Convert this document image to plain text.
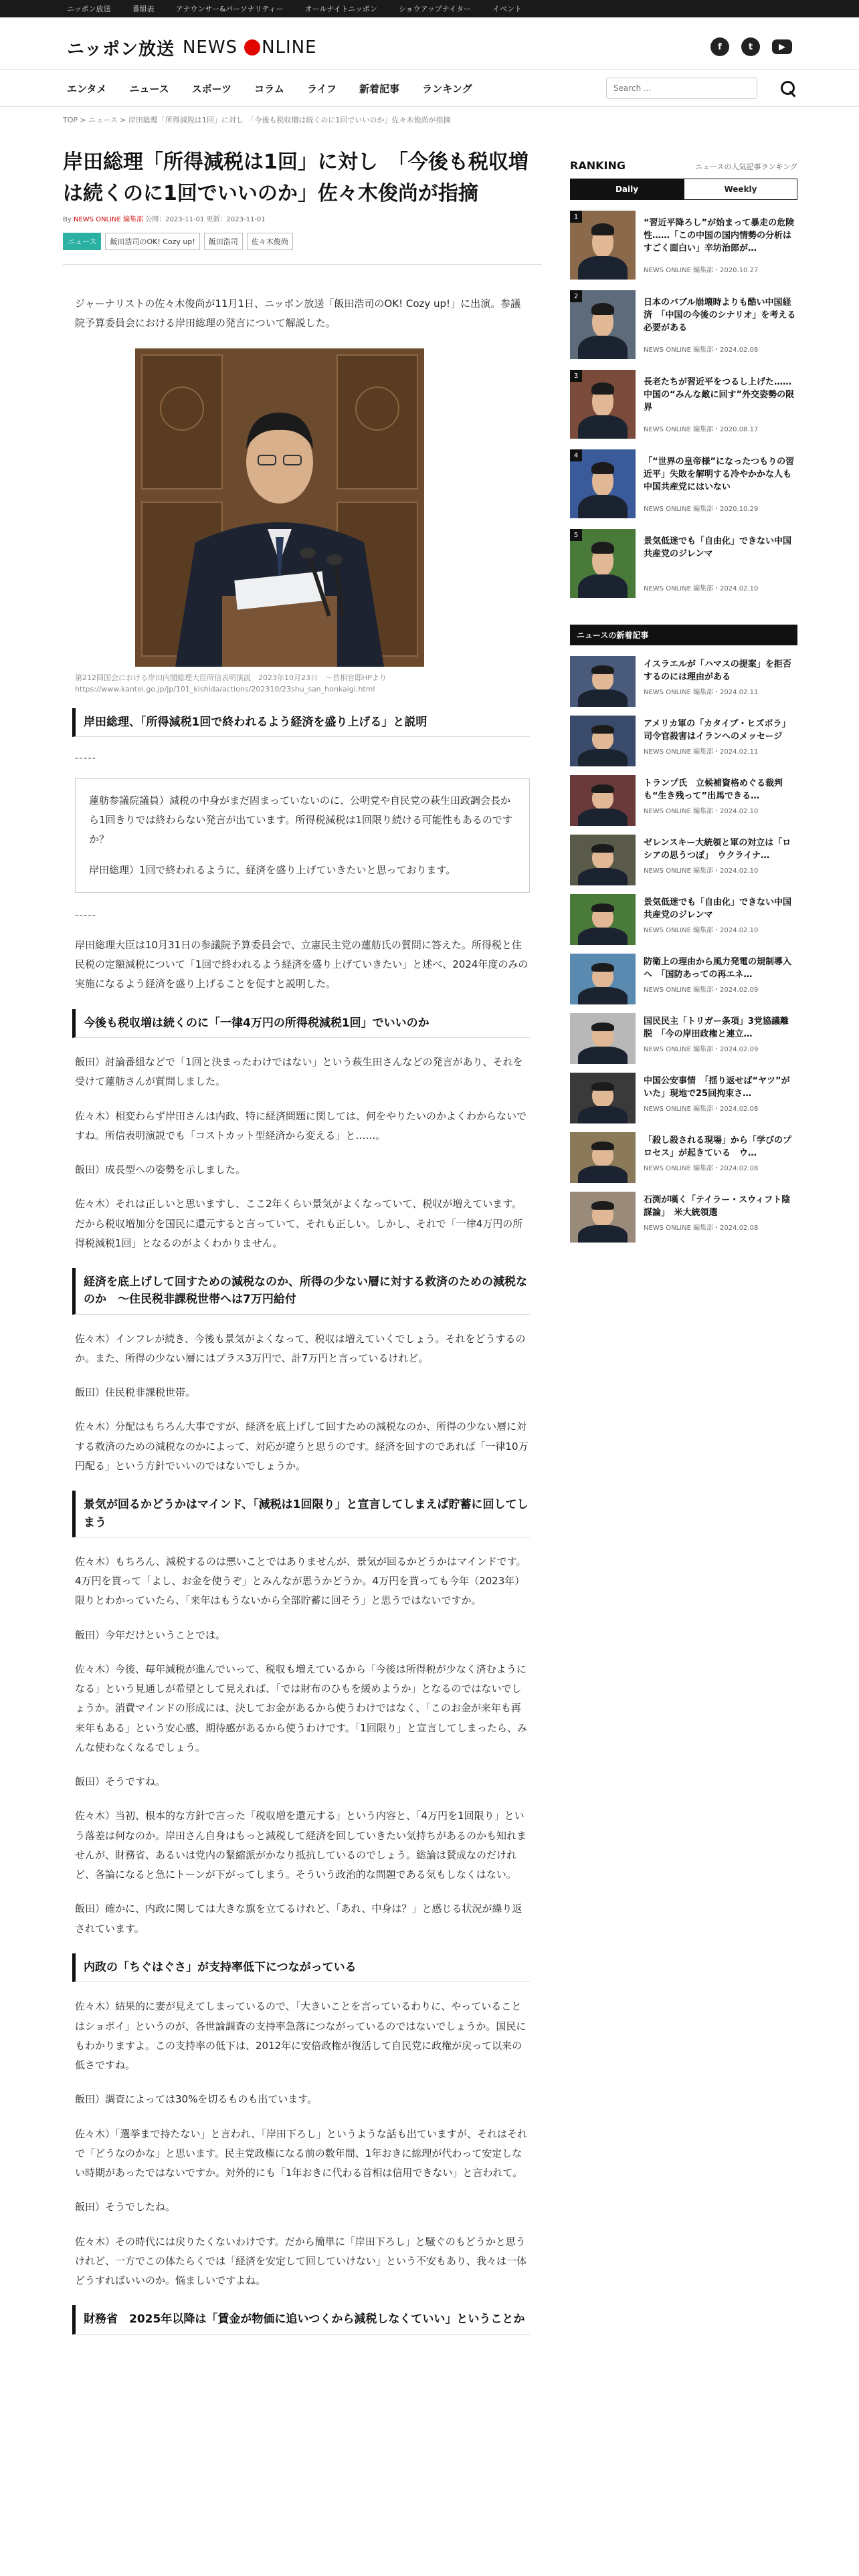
ニッポン放送	番組表	アナウンサー&パーソナリティー	オールナイトニッポン	ショウアップナイター	イベント
ニッポン放送 NEWS NLINE	f	t	▶
エンタメ ニュース スポーツ コラム ライフ 新着記事 ランキング
Search ...
TOP > ニュース > 岸田総理「所得減税は1回」に対し　「今後も税収増は続くのに1回でいいのか」佐々木俊尚が指摘
岸田総理「所得減税は1回」に対し　「今後も税収増は続くのに1回でいいのか」佐々木俊尚が指摘
By NEWS ONLINE 編集部 公開：2023-11-01 更新：2023-11-01
ニュース	飯田浩司のOK! Cozy up!	飯田浩司	佐々木俊尚

ジャーナリストの佐々木俊尚が11月1日、ニッポン放送「飯田浩司のOK! Cozy up!」に出演。参議院予算委員会における岸田総理の発言について解説した。

第212回国会における岸田内閣総理大臣所信表明演説　2023年10月23日　～首相官邸HPより
https://www.kantei.go.jp/jp/101_kishida/actions/202310/23shu_san_honkaigi.html

岸田総理、「所得減税1回で終われるよう経済を盛り上げる」と説明

-----

蓮舫参議院議員）減税の中身がまだ固まっていないのに、公明党や自民党の萩生田政調会長から1回きりでは終わらない発言が出ています。所得税減税は1回限り続ける可能性もあるのですか？

岸田総理）1回で終われるように、経済を盛り上げていきたいと思っております。

-----

岸田総理大臣は10月31日の参議院予算委員会で、立憲民主党の蓮舫氏の質問に答えた。所得税と住民税の定額減税について「1回で終われるよう経済を盛り上げていきたい」と述べ、2024年度のみの実施になるよう経済を盛り上げることを促すと説明した。

今後も税収増は続くのに「一律4万円の所得税減税1回」でいいのか

飯田）討論番組などで「1回と決まったわけではない」という萩生田さんなどの発言があり、それを受けて蓮舫さんが質問しました。

佐々木）相変わらず岸田さんは内政、特に経済問題に関しては、何をやりたいのかよくわからないですね。所信表明演説でも「コストカット型経済から変える」と……。

飯田）成長型への姿勢を示しました。

佐々木）それは正しいと思いますし、ここ2年くらい景気がよくなっていて、税収が増えています。だから税収増加分を国民に還元すると言っていて、それも正しい。しかし、それで「一律4万円の所得税減税1回」となるのがよくわかりません。

経済を底上げして回すための減税なのか、所得の少ない層に対する救済のための減税なのか　～住民税非課税世帯へは7万円給付

佐々木）インフレが続き、今後も景気がよくなって、税収は増えていくでしょう。それをどうするのか。また、所得の少ない層にはプラス3万円で、計7万円と言っているけれど。

飯田）住民税非課税世帯。

佐々木）分配はもちろん大事ですが、経済を底上げして回すための減税なのか、所得の少ない層に対する救済のための減税なのかによって、対応が違うと思うのです。経済を回すのであれば「一律10万円配る」という方針でいいのではないでしょうか。

景気が回るかどうかはマインド、「減税は1回限り」と宣言してしまえば貯蓄に回してしまう

佐々木）もちろん、減税するのは悪いことではありませんが、景気が回るかどうかはマインドです。4万円を貰って「よし、お金を使うぞ」とみんなが思うかどうか。4万円を貰っても今年（2023年）限りとわかっていたら、「来年はもうないから全部貯蓄に回そう」と思うではないですか。

飯田）今年だけということでは。

佐々木）今後、毎年減税が進んでいって、税収も増えているから「今後は所得税が少なく済むようになる」という見通しが希望として見えれば、「では財布のひもを緩めようか」となるのではないでしょうか。消費マインドの形成には、決してお金があるから使うわけではなく、「このお金が来年も再来年もある」という安心感、期待感があるから使うわけです。「1回限り」と宣言してしまったら、みんな使わなくなるでしょう。

飯田）そうですね。

佐々木）当初、根本的な方針で言った「税収増を還元する」という内容と、「4万円を1回限り」という落差は何なのか。岸田さん自身はもっと減税して経済を回していきたい気持ちがあるのかも知れませんが、財務省、あるいは党内の緊縮派がかなり抵抗しているのでしょう。総論は賛成なのだけれど、各論になると急にトーンが下がってしまう。そういう政治的な問題である気もしなくはない。

飯田）確かに、内政に関しては大きな旗を立てるけれど、「あれ、中身は？」と感じる状況が繰り返されています。

内政の「ちぐはぐさ」が支持率低下につながっている

佐々木）結果的に妻が見えてしまっているので、「大きいことを言っているわりに、やっていることはショボイ」というのが、各世論調査の支持率急落につながっているのではないでしょうか。国民にもわかりますよ。この支持率の低下は、2012年に安倍政権が復活して自民党に政権が戻って以来の低さですね。

飯田）調査によっては30%を切るものも出ています。

佐々木）「選挙まで持たない」と言われ、「岸田下ろし」というような話も出ていますが、それはそれで「どうなのかな」と思います。民主党政権になる前の数年間、1年おきに総理が代わって安定しない時期があったではないですか。対外的にも「1年おきに代わる首相は信用できない」と言われて。

飯田）そうでしたね。

佐々木）その時代には戻りたくないわけです。だから簡単に「岸田下ろし」と騒ぐのもどうかと思うけれど、一方でこの体たらくでは「経済を安定して回していけない」という不安もあり、我々は一体どうすればいいのか。悩ましいですよね。

財務省　2025年以降は「賃金が物価に追いつくから減税しなくていい」ということか
RANKING	ニュースの人気記事ランキング
Daily	Weekly
1
“習近平降ろし”が始まって暴走の危険性……「この中国の国内情勢の分析はすごく面白い」辛坊治郎が…
NEWS ONLINE 編集部・2020.10.27
2
日本のバブル崩壊時よりも酷い中国経済　「中国の今後のシナリオ」を考える必要がある
NEWS ONLINE 編集部・2024.02.08
3
長老たちが習近平をつるし上げた……中国の“みんな敵に回す”外交姿勢の限界
NEWS ONLINE 編集部・2020.08.17
4
「“世界の皇帝様”になったつもりの習近平」失敗を解明する冷やかかな人も中国共産党にはいない
NEWS ONLINE 編集部・2020.10.29
5
景気低迷でも「自由化」できない中国共産党のジレンマ
NEWS ONLINE 編集部・2024.02.10
ニュースの新着記事
イスラエルが「ハマスの提案」を拒否するのには理由がある
NEWS ONLINE 編集部・2024.02.11
アメリカ軍の「カタイブ・ヒズボラ」司令官殺害はイランへのメッセージ
NEWS ONLINE 編集部・2024.02.11
トランプ氏　立候補資格めぐる裁判も“生き残って”出馬できる…
NEWS ONLINE 編集部・2024.02.10
ゼレンスキー大統領と軍の対立は「ロシアの思うつぼ」　ウクライナ…
NEWS ONLINE 編集部・2024.02.10
景気低迷でも「自由化」できない中国共産党のジレンマ
NEWS ONLINE 編集部・2024.02.10
防衛上の理由から風力発電の規制導入へ　「国防あっての再エネ…
NEWS ONLINE 編集部・2024.02.09
国民民主「トリガー条項」3党協議離脱　「今の岸田政権と連立…
NEWS ONLINE 編集部・2024.02.09
中国公安事情　「揺り返せば“ヤツ”がいた」現地で25回拘束さ…
NEWS ONLINE 編集部・2024.02.08
「殺し殺される現場」から「学びのプロセス」が起きている　ウ…
NEWS ONLINE 編集部・2024.02.08
石渕が嘆く「テイラー・スウィフト陰謀論」　米大統領選
NEWS ONLINE 編集部・2024.02.08
